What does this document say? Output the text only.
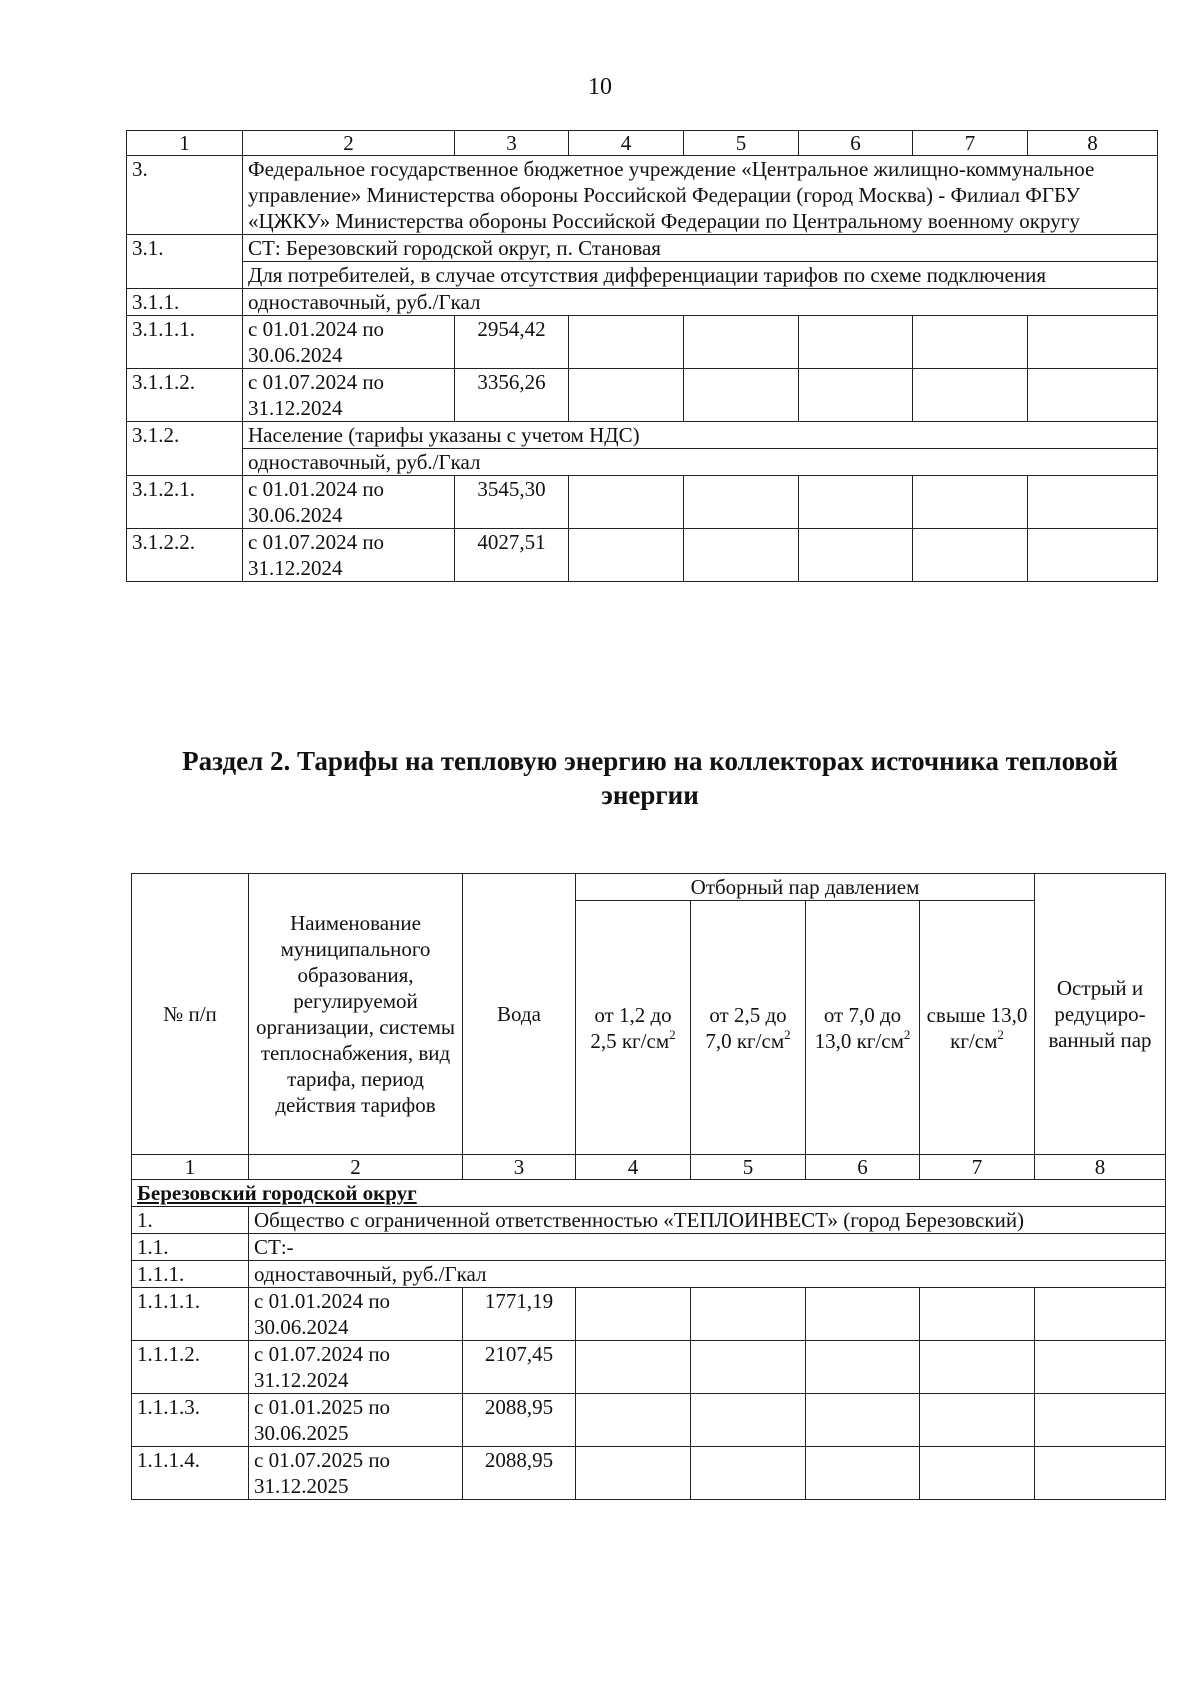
10
1	2	3	4	5	6	7	8
3.	Федеральное государственное бюджетное учреждение «Центральное жилищно-коммунальное управление» Министерства обороны Российской Федерации (город Москва) - Филиал ФГБУ «ЦЖКУ» Министерства обороны Российской Федерации по Центральному военному округу						
3.1.	СТ: Березовский городской округ, п. Становая						
	Для потребителей, в случае отсутствия дифференциации тарифов по схеме подключения						
3.1.1.	одноставочный, руб./Гкал						
3.1.1.1.	с 01.01.2024 по 30.06.2024	2954,42					
3.1.1.2.	с 01.07.2024 по 31.12.2024	3356,26					
3.1.2.	Население (тарифы указаны с учетом НДС)						
	одноставочный, руб./Гкал						
3.1.2.1.	с 01.01.2024 по 30.06.2024	3545,30					
3.1.2.2.	с 01.07.2024 по 31.12.2024	4027,51					
Раздел 2. Тарифы на тепловую энергию на коллекторах источника тепловой энергии
№ п/п	Наименование муниципального образования, регулируемой организации, системы теплоснабжения, вид тарифа, период действия тарифов	Вода	Отборный пар давлением				Острый и редуциро-ванный пар
			от 1,2 до 2,5 $кг/см^2$	от 2,5 до 7,0 $кг/см^2$	от 7,0 до 13,0 $кг/см^2$	свыше 13,0 $кг/см^2$
1	2	3	4	5	6	7	8
Березовский городской округ							
1.	Общество с ограниченной ответственностью «ТЕПЛОИНВЕСТ» (город Березовский)						
1.1.	СТ:-						
1.1.1.	одноставочный, руб./Гкал						
1.1.1.1.	с 01.01.2024 по 30.06.2024	1771,19					
1.1.1.2.	с 01.07.2024 по 31.12.2024	2107,45					
1.1.1.3.	с 01.01.2025 по 30.06.2025	2088,95					
1.1.1.4.	с 01.07.2025 по 31.12.2025	2088,95					
